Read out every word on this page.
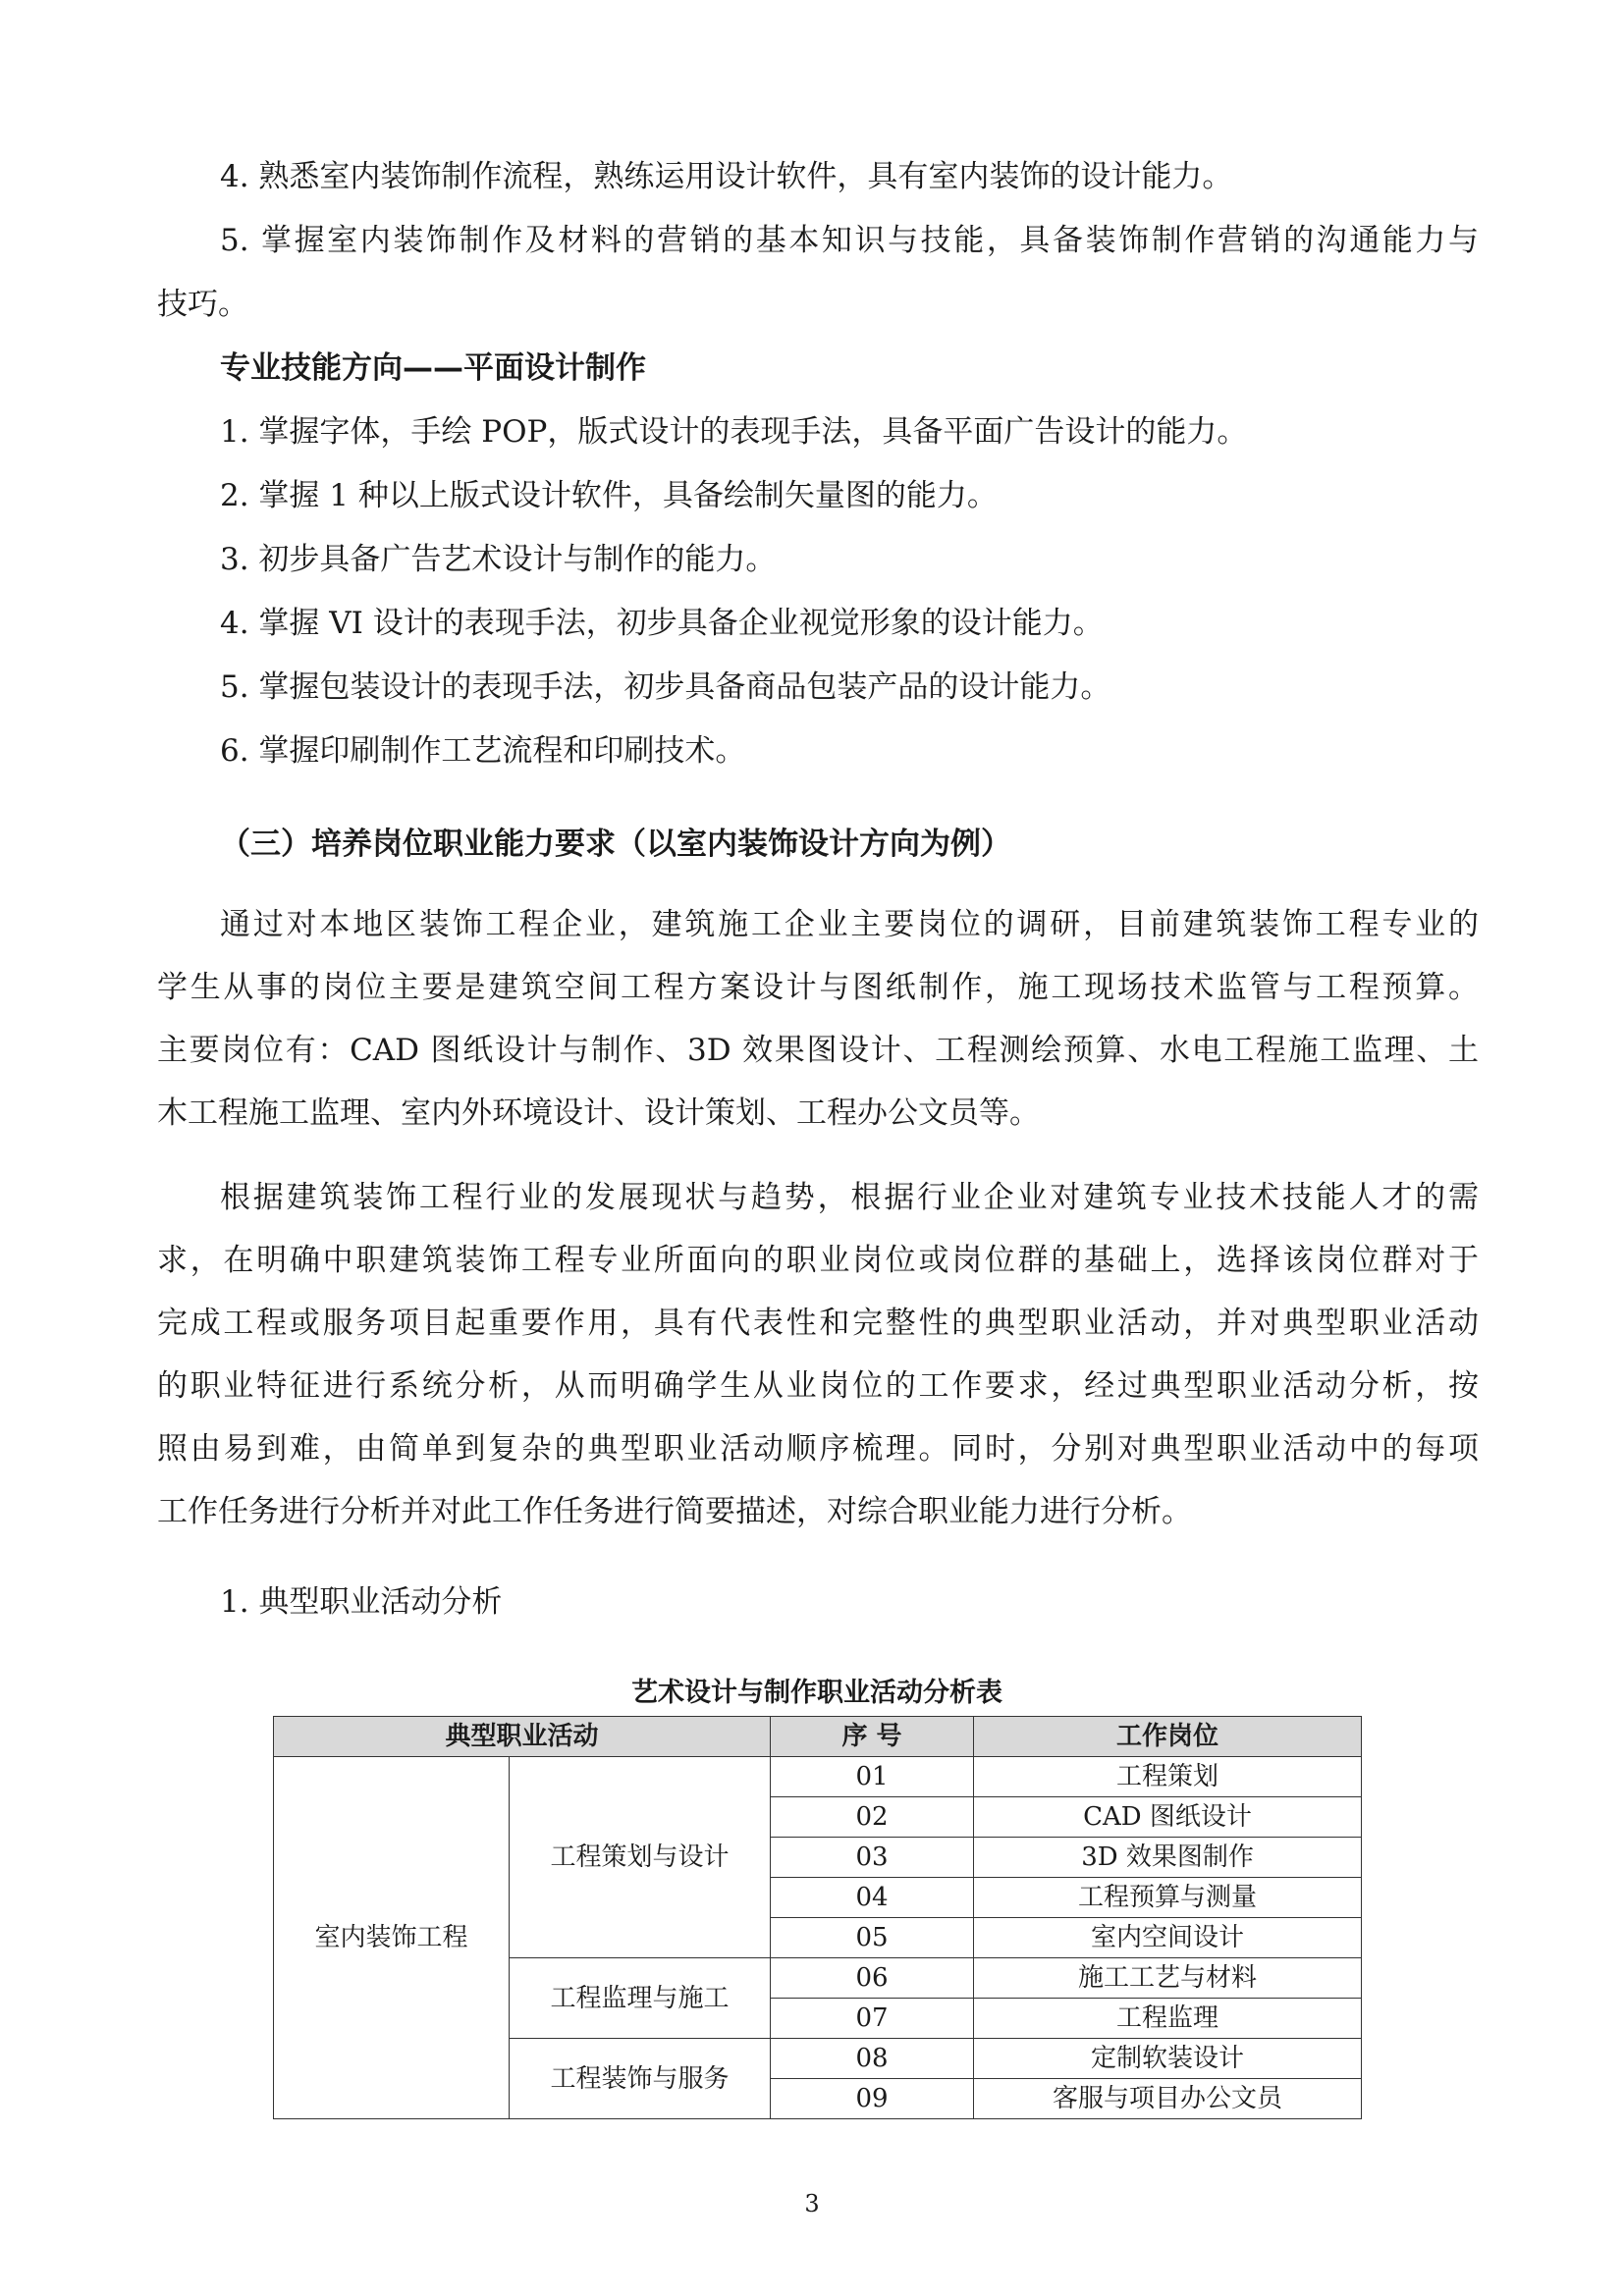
4. 熟悉室内装饰制作流程，熟练运用设计软件，具有室内装饰的设计能力。
5. 掌握室内装饰制作及材料的营销的基本知识与技能，具备装饰制作营销的沟通能力与
技巧。
专业技能方向——平面设计制作
1. 掌握字体，手绘 POP，版式设计的表现手法，具备平面广告设计的能力。
2. 掌握 1 种以上版式设计软件，具备绘制矢量图的能力。
3. 初步具备广告艺术设计与制作的能力。
4. 掌握 VI 设计的表现手法，初步具备企业视觉形象的设计能力。
5. 掌握包装设计的表现手法，初步具备商品包装产品的设计能力。
6. 掌握印刷制作工艺流程和印刷技术。
（三）培养岗位职业能力要求（以室内装饰设计方向为例）
通过对本地区装饰工程企业，建筑施工企业主要岗位的调研，目前建筑装饰工程专业的
学生从事的岗位主要是建筑空间工程方案设计与图纸制作，施工现场技术监管与工程预算。
主要岗位有：CAD 图纸设计与制作、3D 效果图设计、工程测绘预算、水电工程施工监理、土
木工程施工监理、室内外环境设计、设计策划、工程办公文员等。
根据建筑装饰工程行业的发展现状与趋势，根据行业企业对建筑专业技术技能人才的需
求，在明确中职建筑装饰工程专业所面向的职业岗位或岗位群的基础上，选择该岗位群对于
完成工程或服务项目起重要作用，具有代表性和完整性的典型职业活动，并对典型职业活动
的职业特征进行系统分析，从而明确学生从业岗位的工作要求，经过典型职业活动分析，按
照由易到难，由简单到复杂的典型职业活动顺序梳理。同时，分别对典型职业活动中的每项
工作任务进行分析并对此工作任务进行简要描述，对综合职业能力进行分析。
1. 典型职业活动分析
艺术设计与制作职业活动分析表
典型职业活动		序 号	工作岗位
室内装饰工程	工程策划与设计	01	工程策划
		02	CAD 图纸设计
		03	3D 效果图制作
		04	工程预算与测量
		05	室内空间设计
	工程监理与施工	06	施工工艺与材料
		07	工程监理
	工程装饰与服务	08	定制软装设计
		09	客服与项目办公文员
3
